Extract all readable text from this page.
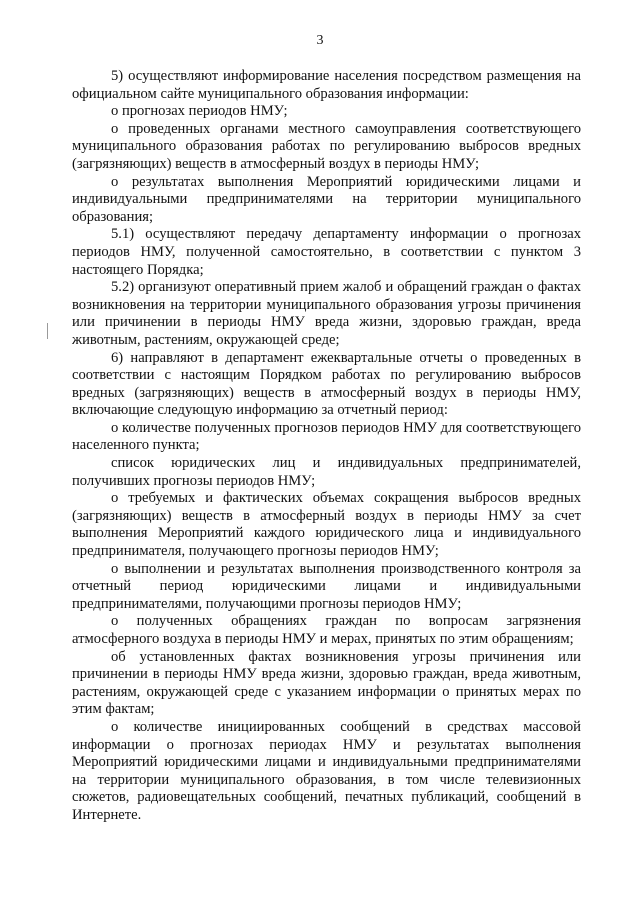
3

5) осуществляют информирование населения посредством размещения на официальном сайте муниципального образования информации:

о прогнозах периодов НМУ;

о проведенных органами местного самоуправления соответствующего муниципального образования работах по регулированию выбросов вредных (загрязняющих) веществ в атмосферный воздух в периоды НМУ;

о результатах выполнения Мероприятий юридическими лицами и индивидуальными предпринимателями на территории муниципального образования;

5.1) осуществляют передачу департаменту информации о прогнозах периодов НМУ, полученной самостоятельно, в соответствии с пунктом 3 настоящего Порядка;

5.2) организуют оперативный прием жалоб и обращений граждан о фактах возникновения на территории муниципального образования угрозы причинения или причинении в периоды НМУ вреда жизни, здоровью граждан, вреда животным, растениям, окружающей среде;

6) направляют в департамент ежеквартальные отчеты о проведенных в соответствии с настоящим Порядком работах по регулированию выбросов вредных (загрязняющих) веществ в атмосферный воздух в периоды НМУ, включающие следующую информацию за отчетный период:

о количестве полученных прогнозов периодов НМУ для соответствующего населенного пункта;

список юридических лиц и индивидуальных предпринимателей, получивших прогнозы периодов НМУ;

о требуемых и фактических объемах сокращения выбросов вредных (загрязняющих) веществ в атмосферный воздух в периоды НМУ за счет выполнения Мероприятий каждого юридического лица и индивидуального предпринимателя, получающего прогнозы периодов НМУ;

о выполнении и результатах выполнения производственного контроля за отчетный период юридическими лицами и индивидуальными предпринимателями, получающими прогнозы периодов НМУ;

о полученных обращениях граждан по вопросам загрязнения атмосферного воздуха в периоды НМУ и мерах, принятых по этим обращениям;

об установленных фактах возникновения угрозы причинения или причинении в периоды НМУ вреда жизни, здоровью граждан, вреда животным, растениям, окружающей среде с указанием информации о принятых мерах по этим фактам;

о количестве инициированных сообщений в средствах массовой информации о прогнозах периодах НМУ и результатах выполнения Мероприятий юридическими лицами и индивидуальными предпринимателями на территории муниципального образования, в том числе телевизионных сюжетов, радиовещательных сообщений, печатных публикаций, сообщений в Интернете.
